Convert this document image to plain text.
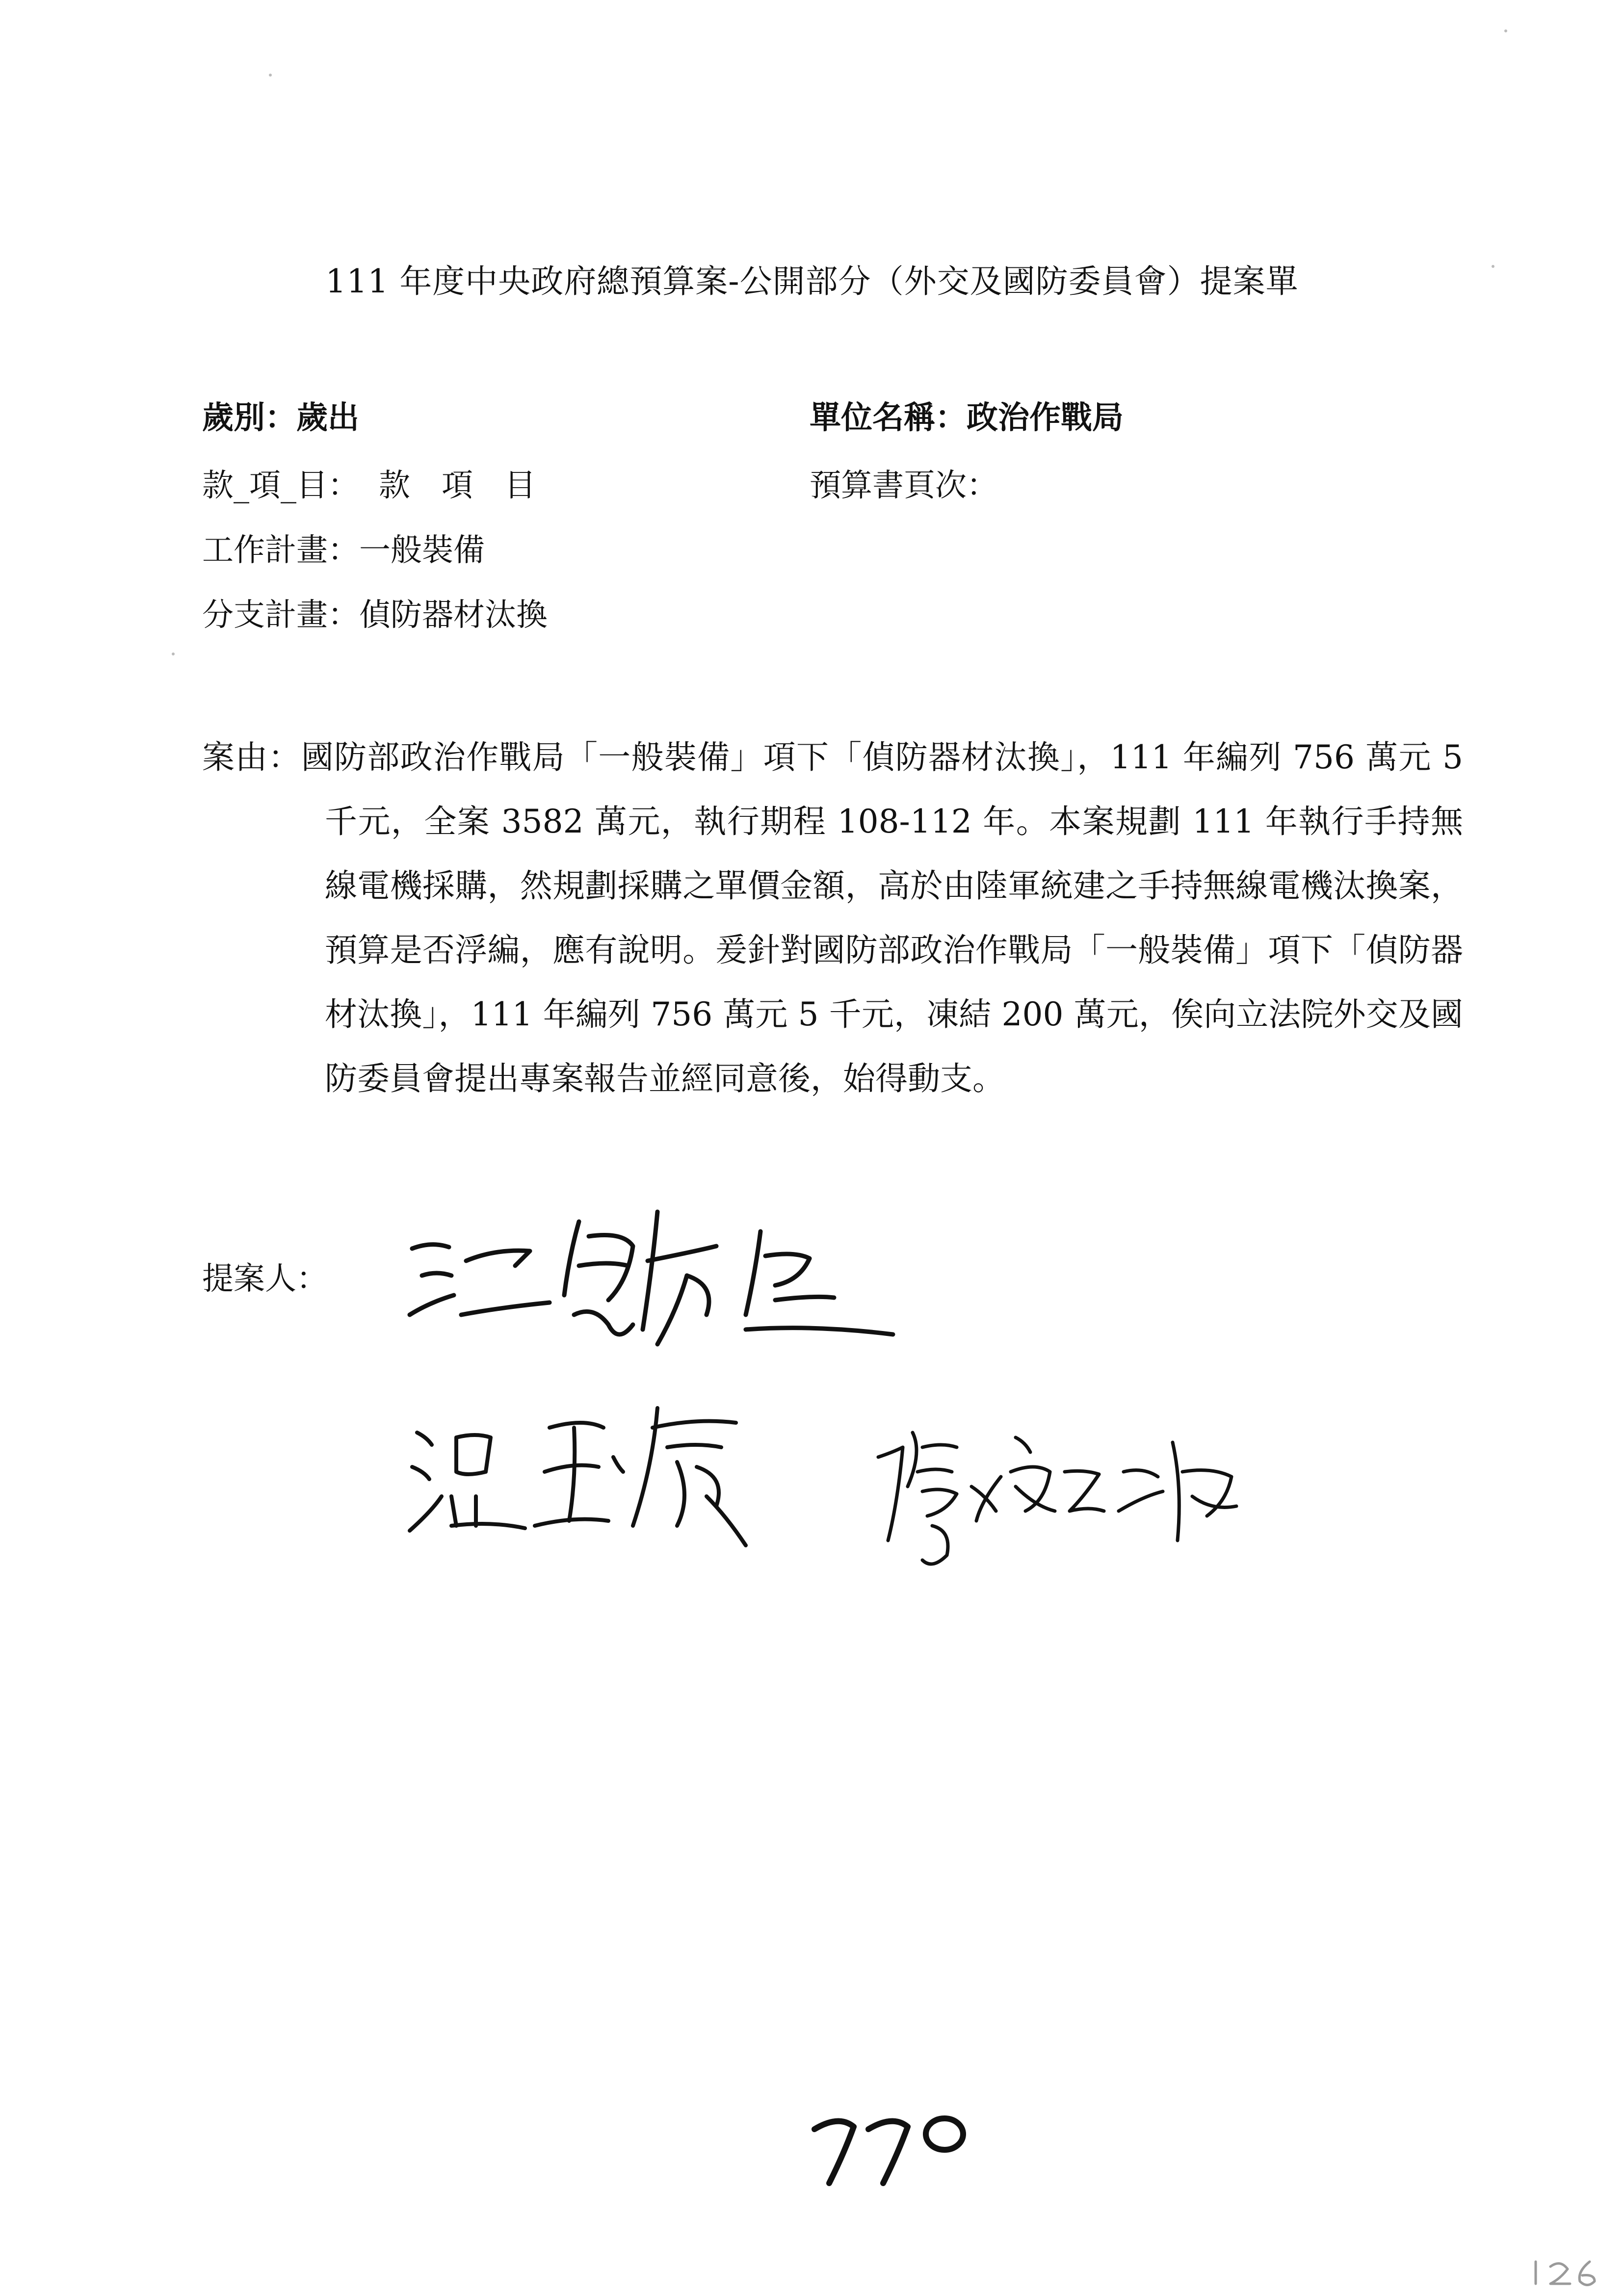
111 年度中央政府總預算案-公開部分（外交及國防委員會）提案單
歲別：歲出	單位名稱：政治作戰局
款_項_目： 款　項　目	預算書頁次：
工作計畫：一般裝備
分支計畫：偵防器材汰換
案由：國防部政治作戰局「一般裝備」項下「偵防器材汰換」，111 年編列 756 萬元 5 千元，全案 3582 萬元，執行期程 108-112 年。本案規劃 111 年執行手持無線電機採購，然規劃採購之單價金額，高於由陸軍統建之手持無線電機汰換案，預算是否浮編，應有說明。爰針對國防部政治作戰局「一般裝備」項下「偵防器材汰換」，111 年編列 756 萬元 5 千元，凍結 200 萬元，俟向立法院外交及國防委員會提出專案報告並經同意後，始得動支。
提案人：
